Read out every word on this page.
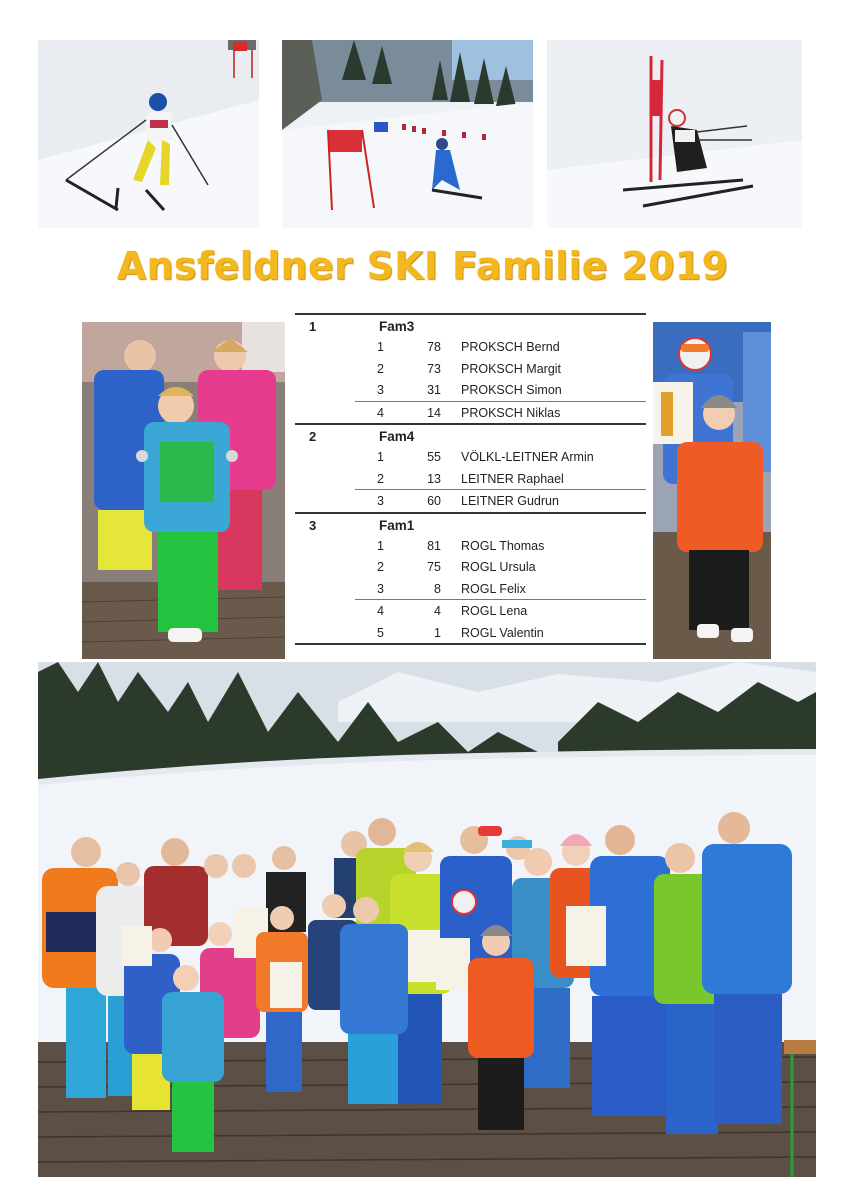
Ansfeldner SKI Familie 2019
1	Fam3
1	78 PROKSCH Bernd
2	73 PROKSCH Margit
3	31 PROKSCH Simon
4	14 PROKSCH Niklas
2	Fam4
1	55 VÖLKL-LEITNER Armin
2	13 LEITNER Raphael
3	60 LEITNER Gudrun
3	Fam1
1	81 ROGL Thomas
2	75 ROGL Ursula
3	8 ROGL Felix
4	4 ROGL Lena
5	1 ROGL Valentin
